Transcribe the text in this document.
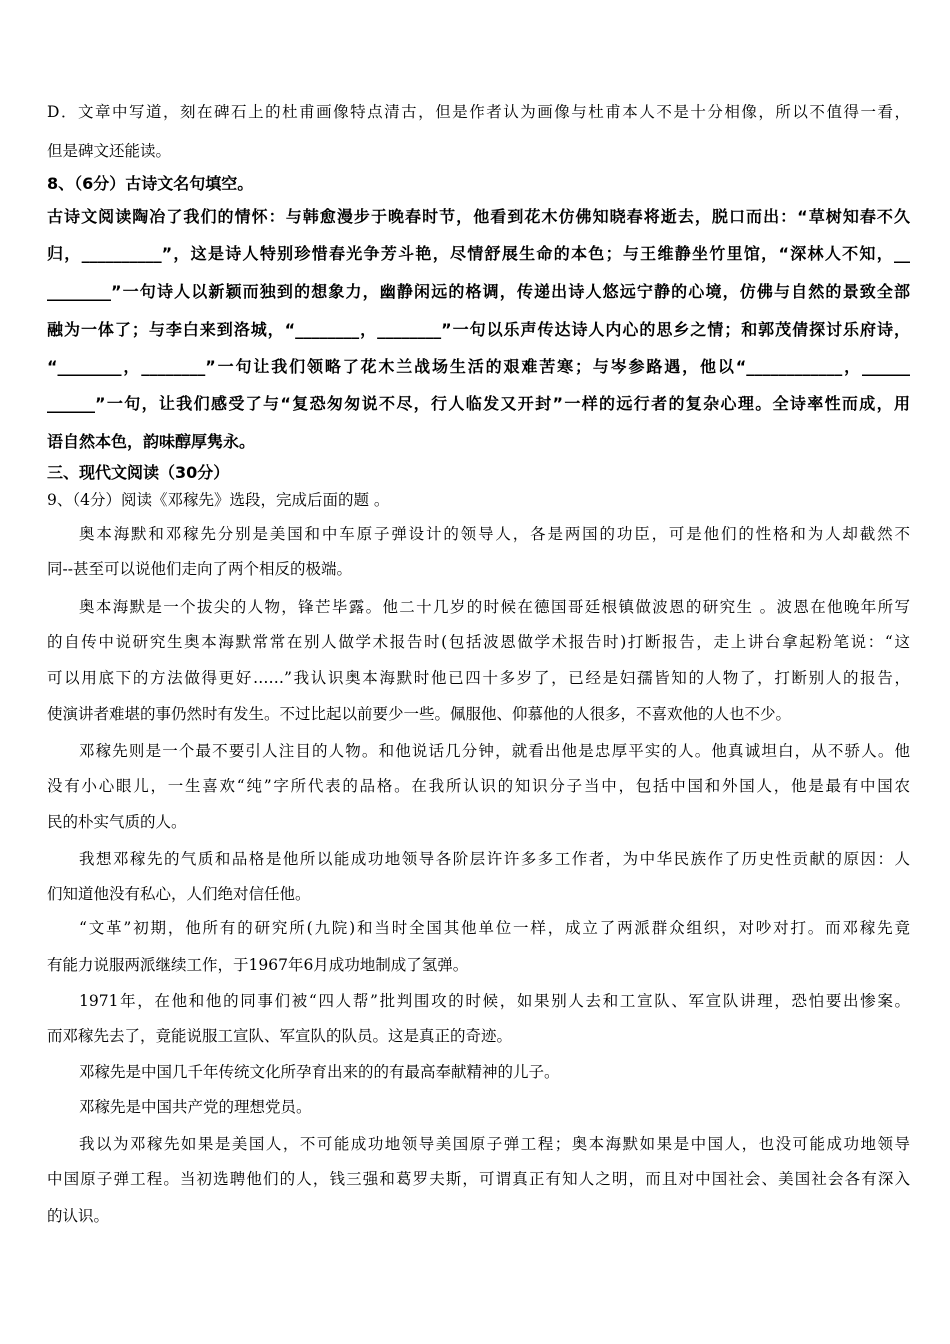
D．文章中写道，刻在碑石上的杜甫画像特点清古，但是作者认为画像与杜甫本人不是十分相像，所以不值得一看，
但是碑文还能读。
8、（6分）古诗文名句填空。
古诗文阅读陶冶了我们的情怀：与韩愈漫步于晚春时节，他看到花木仿佛知晓春将逝去，脱口而出：“草树知春不久
归，__________”，这是诗人特别珍惜春光争芳斗艳，尽情舒展生命的本色；与王维静坐竹里馆，“深林人不知，__
________”一句诗人以新颖而独到的想象力，幽静闲远的格调，传递出诗人悠远宁静的心境，仿佛与自然的景致全部
融为一体了；与李白来到洛城，“________，________”一句以乐声传达诗人内心的思乡之情；和郭茂倩探讨乐府诗，
“________，________”一句让我们领略了花木兰战场生活的艰难苦寒；与岑参路遇，他以“____________，______
______”一句，让我们感受了与“复恐匆匆说不尽，行人临发又开封”一样的远行者的复杂心理。全诗率性而成，用
语自然本色，韵味醇厚隽永。
三、现代文阅读（30分）
9、（4分）阅读《邓稼先》选段，完成后面的题 。
奥本海默和邓稼先分别是美国和中车原子弹设计的领导人，各是两国的功臣，可是他们的性格和为人却截然不
同--甚至可以说他们走向了两个相反的极端。
奥本海默是一个拔尖的人物，锋芒毕露。他二十几岁的时候在德国哥廷根镇做波恩的研究生 。波恩在他晚年所写
的自传中说研究生奥本海默常常在别人做学术报告时(包括波恩做学术报告时)打断报告，走上讲台拿起粉笔说：“这
可以用底下的方法做得更好……”我认识奥本海默时他已四十多岁了，已经是妇孺皆知的人物了，打断别人的报告，
使演讲者难堪的事仍然时有发生。不过比起以前要少一些。佩服他、仰慕他的人很多，不喜欢他的人也不少。
邓稼先则是一个最不要引人注目的人物。和他说话几分钟，就看出他是忠厚平实的人。他真诚坦白，从不骄人。他
没有小心眼儿，一生喜欢“纯”字所代表的品格。在我所认识的知识分子当中，包括中国和外国人，他是最有中国农
民的朴实气质的人。
我想邓稼先的气质和品格是他所以能成功地领导各阶层许许多多工作者，为中华民族作了历史性贡献的原因：人
们知道他没有私心，人们绝对信任他。
“文革”初期，他所有的研究所(九院)和当时全国其他单位一样，成立了两派群众组织，对吵对打。而邓稼先竟
有能力说服两派继续工作，于1967年6月成功地制成了氢弹。
1971年，在他和他的同事们被“四人帮”批判围攻的时候，如果别人去和工宣队、军宣队讲理，恐怕要出惨案。
而邓稼先去了，竟能说服工宣队、军宣队的队员。这是真正的奇迹。
邓稼先是中国几千年传统文化所孕育出来的的有最高奉献精神的儿子。
邓稼先是中国共产党的理想党员。
我以为邓稼先如果是美国人，不可能成功地领导美国原子弹工程；奥本海默如果是中国人，也没可能成功地领导
中国原子弹工程。当初选聘他们的人，钱三强和葛罗夫斯，可谓真正有知人之明，而且对中国社会、美国社会各有深入
的认识。
